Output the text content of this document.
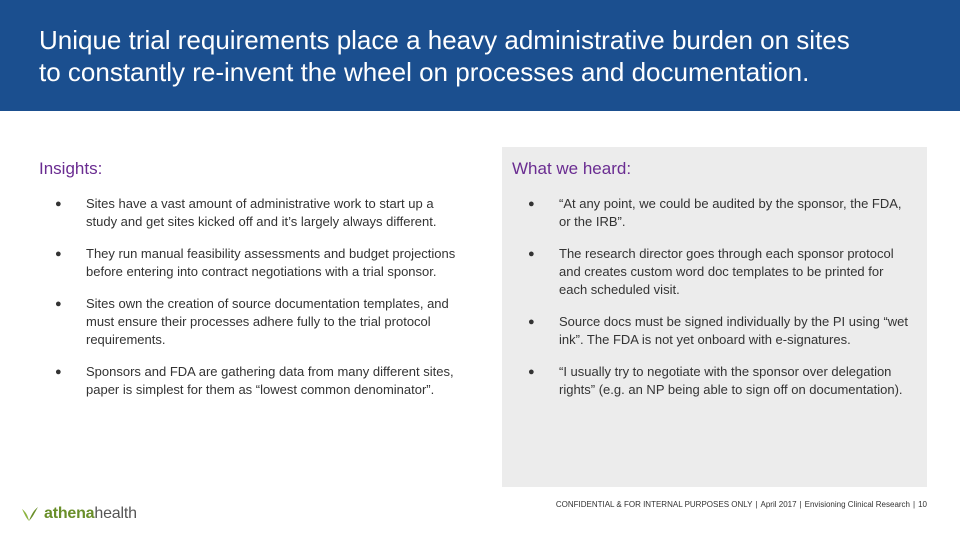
Unique trial requirements place a heavy administrative burden on sites
to constantly re-invent the wheel on processes and documentation.
Insights:
● Sites have a vast amount of administrative work to start up a study and get sites kicked off and it’s largely always different.
● They run manual feasibility assessments and budget projections before entering into contract negotiations with a trial sponsor.
● Sites own the creation of source documentation templates, and must ensure their processes adhere fully to the trial protocol requirements.
● Sponsors and FDA are gathering data from many different sites, paper is simplest for them as “lowest common denominator”.
What we heard:
● “At any point, we could be audited by the sponsor, the FDA, or the IRB”.
● The research director goes through each sponsor protocol and creates custom word doc templates to be printed for each scheduled visit.
● Source docs must be signed individually by the PI using “wet ink”. The FDA is not yet onboard with e-signatures.
● “I usually try to negotiate with the sponsor over delegation rights” (e.g. an NP being able to sign off on documentation).
athenahealth
CONFIDENTIAL & FOR INTERNAL PURPOSES ONLY | April 2017 | Envisioning Clinical Research | 10
